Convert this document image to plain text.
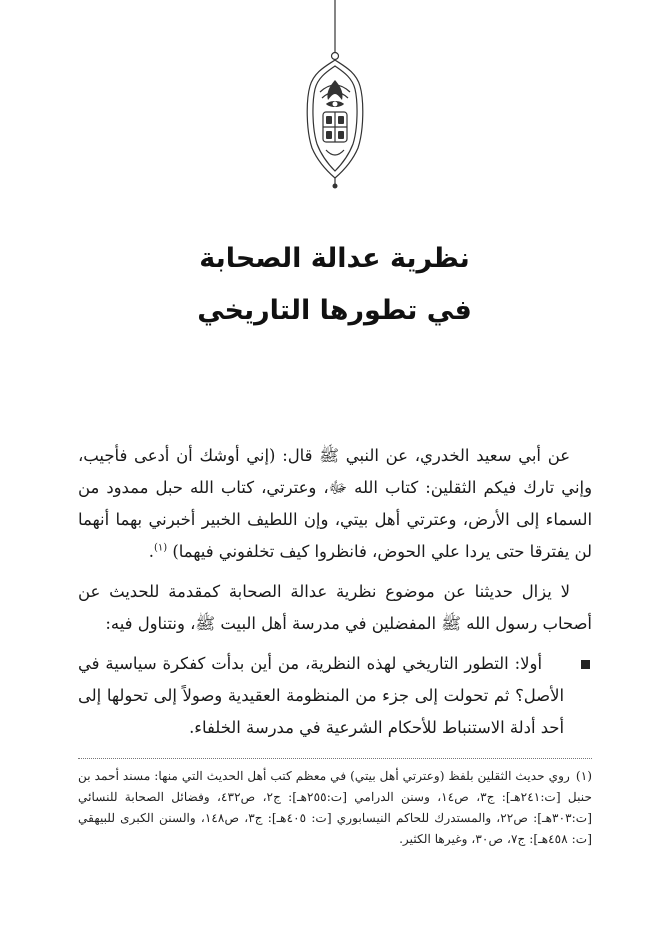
نظرية عدالة الصحابة
في تطورها التاريخي

عن أبي سعيد الخدري، عن النبي ﷺ قال: (إني أوشك أن أدعى فأجيب، وإني تارك فيكم الثقلين: كتاب الله ﷻ، وعترتي، كتاب الله حبل ممدود من السماء إلى الأرض، وعترتي أهل بيتي، وإن اللطيف الخبير أخبرني بهما أنهما لن يفترقا حتى يردا علي الحوض، فانظروا كيف تخلفوني فيهما) $^{(١)}$.

لا يزال حديثنا عن موضوع نظرية عدالة الصحابة كمقدمة للحديث عن أصحاب رسول الله ﷺ المفضلين في مدرسة أهل البيت ﷺ، ونتناول فيه:

أولا: التطور التاريخي لهذه النظرية، من أين بدأت كفكرة سياسية في الأصل؟ ثم تحولت إلى جزء من المنظومة العقيدية وصولاً إلى تحولها إلى أحد أدلة الاستنباط للأحكام الشرعية في مدرسة الخلفاء.

(١)روي حديث الثقلين بلفظ (وعترتي أهل بيتي) في معظم كتب أهل الحديث التي منها: مسند أحمد بن حنبل [ت:٢٤١هـ]: ج٣، ص١٤، وسنن الدرامي [ت:٢٥٥هـ]: ج٢، ص٤٣٢، وفضائل الصحابة للنسائي [ت:٣٠٣هـ]: ص٢٢، والمستدرك للحاكم النيسابوري [ت: ٤٠٥هـ]: ج٣، ص١٤٨، والسنن الكبرى للبيهقي [ت: ٤٥٨هـ]: ج٧، ص٣٠، وغيرها الكثير.
